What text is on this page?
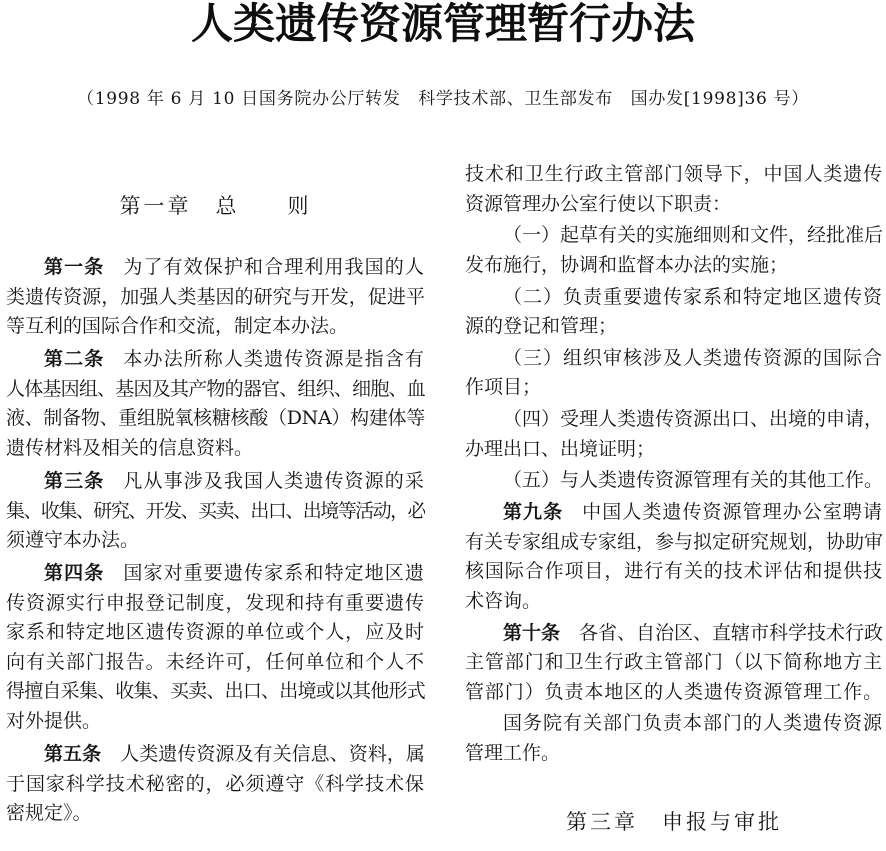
人类遗传资源管理暂行办法
（1998 年 6 月 10 日国务院办公厅转发　科学技术部、卫生部发布　国办发[1998]36 号）
第一章　总　　则
第一条 为了有效保护和合理利用我国的人
类遗传资源，加强人类基因的研究与开发，促进平
等互利的国际合作和交流，制定本办法。
第二条 本办法所称人类遗传资源是指含有
人体基因组、基因及其产物的器官、组织、细胞、血
液、制备物、重组脱氧核糖核酸（DNA）构建体等
遗传材料及相关的信息资料。
第三条 凡从事涉及我国人类遗传资源的采
集、收集、研究、开发、买卖、出口、出境等活动，必
须遵守本办法。
第四条 国家对重要遗传家系和特定地区遗
传资源实行申报登记制度，发现和持有重要遗传
家系和特定地区遗传资源的单位或个人，应及时
向有关部门报告。未经许可，任何单位和个人不
得擅自采集、收集、买卖、出口、出境或以其他形式
对外提供。
第五条 人类遗传资源及有关信息、资料，属
于国家科学技术秘密的，必须遵守《科学技术保
密规定》。
技术和卫生行政主管部门领导下，中国人类遗传
资源管理办公室行使以下职责：
（一）起草有关的实施细则和文件，经批准后
发布施行，协调和监督本办法的实施；
（二）负责重要遗传家系和特定地区遗传资
源的登记和管理；
（三）组织审核涉及人类遗传资源的国际合
作项目；
（四）受理人类遗传资源出口、出境的申请，
办理出口、出境证明；
（五）与人类遗传资源管理有关的其他工作。
第九条 中国人类遗传资源管理办公室聘请
有关专家组成专家组，参与拟定研究规划，协助审
核国际合作项目，进行有关的技术评估和提供技
术咨询。
第十条 各省、自治区、直辖市科学技术行政
主管部门和卫生行政主管部门（以下简称地方主
管部门）负责本地区的人类遗传资源管理工作。
国务院有关部门负责本部门的人类遗传资源
管理工作。
第三章　申报与审批
